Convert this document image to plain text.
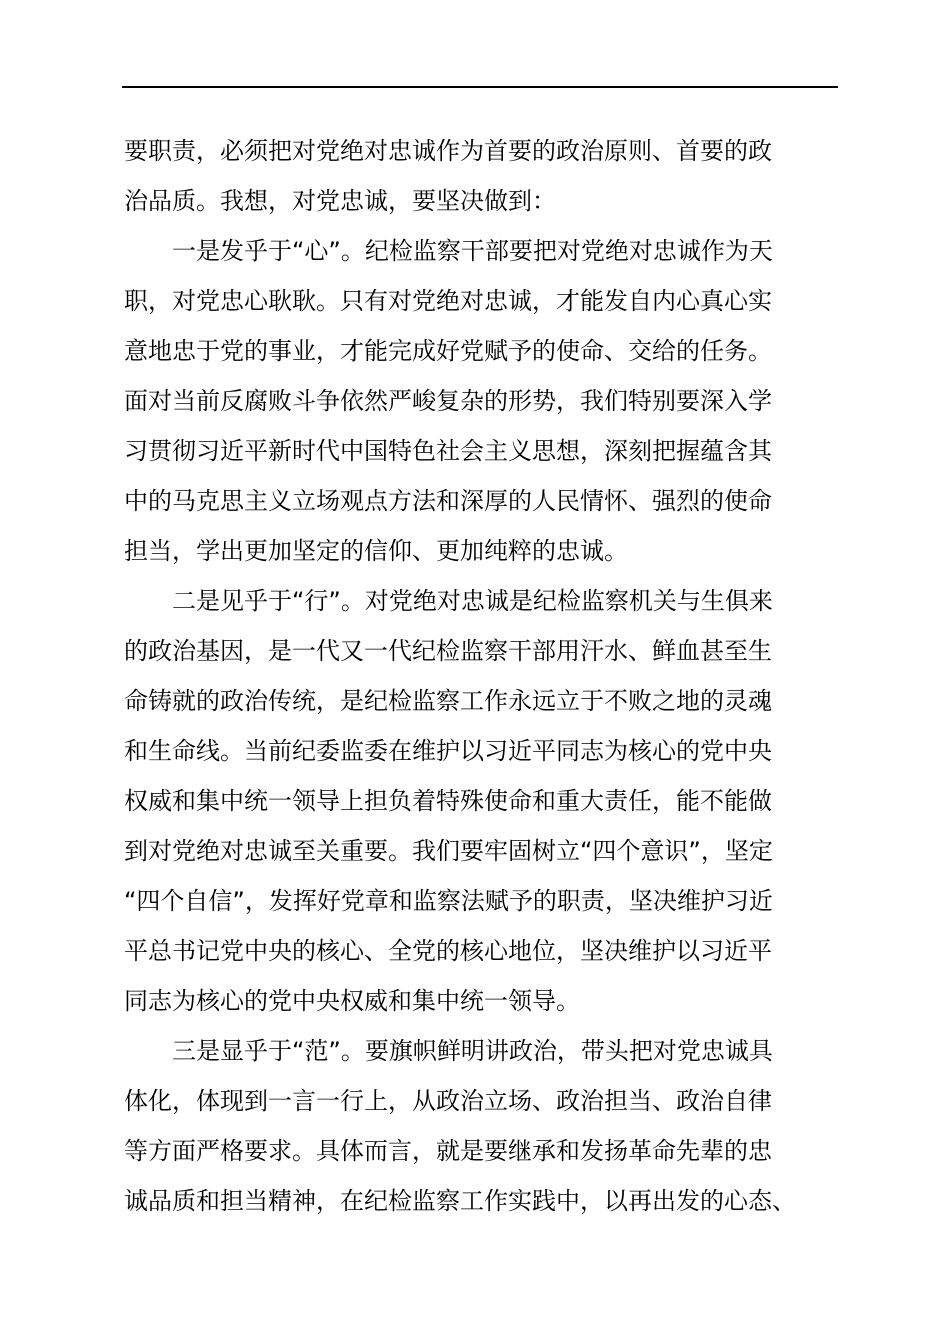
要职责，必须把对党绝对忠诚作为首要的政治原则、首要的政
治品质。我想，对党忠诚，要坚决做到：
一是发乎于“心”。纪检监察干部要把对党绝对忠诚作为天
职，对党忠心耿耿。只有对党绝对忠诚，才能发自内心真心实
意地忠于党的事业，才能完成好党赋予的使命、交给的任务。
面对当前反腐败斗争依然严峻复杂的形势，我们特别要深入学
习贯彻习近平新时代中国特色社会主义思想，深刻把握蕴含其
中的马克思主义立场观点方法和深厚的人民情怀、强烈的使命
担当，学出更加坚定的信仰、更加纯粹的忠诚。
二是见乎于“行”。对党绝对忠诚是纪检监察机关与生俱来
的政治基因，是一代又一代纪检监察干部用汗水、鲜血甚至生
命铸就的政治传统，是纪检监察工作永远立于不败之地的灵魂
和生命线。当前纪委监委在维护以习近平同志为核心的党中央
权威和集中统一领导上担负着特殊使命和重大责任，能不能做
到对党绝对忠诚至关重要。我们要牢固树立“四个意识”，坚定
“四个自信”，发挥好党章和监察法赋予的职责，坚决维护习近
平总书记党中央的核心、全党的核心地位，坚决维护以习近平
同志为核心的党中央权威和集中统一领导。
三是显乎于“范”。要旗帜鲜明讲政治，带头把对党忠诚具
体化，体现到一言一行上，从政治立场、政治担当、政治自律
等方面严格要求。具体而言，就是要继承和发扬革命先辈的忠
诚品质和担当精神，在纪检监察工作实践中，以再出发的心态、
